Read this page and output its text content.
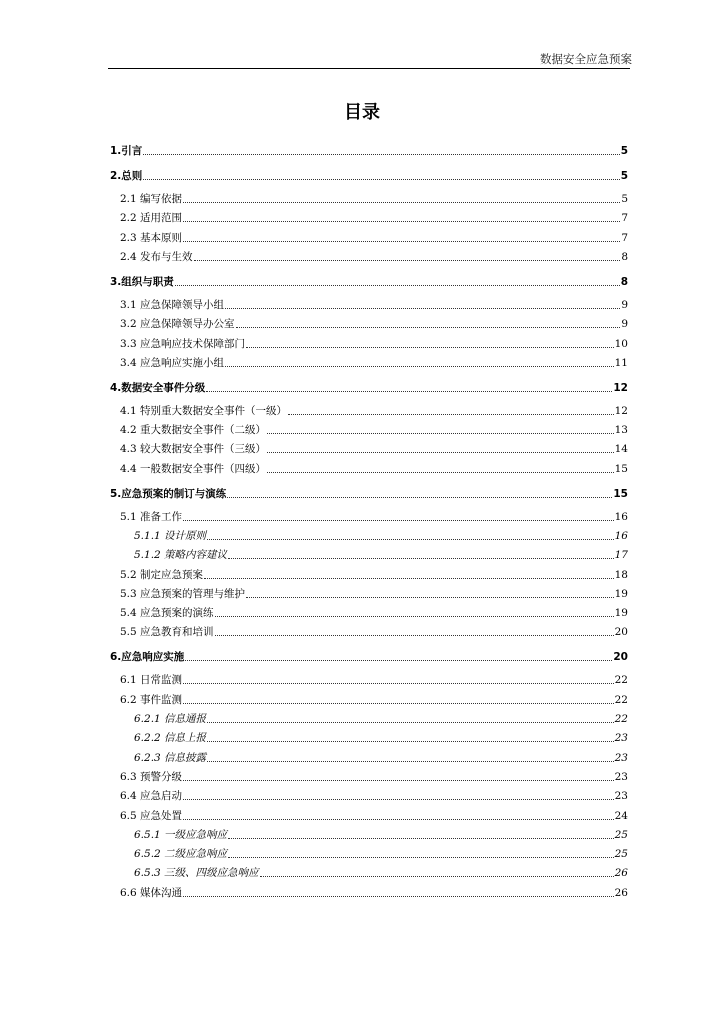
数据安全应急预案
目录
1.引言	5
2.总则	5
2.1 编写依据	5
2.2 适用范围	7
2.3 基本原则	7
2.4 发布与生效	8
3.组织与职责	8
3.1 应急保障领导小组	9
3.2 应急保障领导办公室	9
3.3 应急响应技术保障部门	10
3.4 应急响应实施小组	11
4.数据安全事件分级	12
4.1 特别重大数据安全事件（一级）	12
4.2 重大数据安全事件（二级）	13
4.3 较大数据安全事件（三级）	14
4.4 一般数据安全事件（四级）	15
5.应急预案的制订与演练	15
5.1 准备工作	16
5.1.1 设计原则	16
5.1.2 策略内容建议	17
5.2 制定应急预案	18
5.3 应急预案的管理与维护	19
5.4 应急预案的演练	19
5.5 应急教育和培训	20
6.应急响应实施	20
6.1 日常监测	22
6.2 事件监测	22
6.2.1 信息通报	22
6.2.2 信息上报	23
6.2.3 信息披露	23
6.3 预警分级	23
6.4 应急启动	23
6.5 应急处置	24
6.5.1 一级应急响应	25
6.5.2 二级应急响应	25
6.5.3 三级、四级应急响应	26
6.6 媒体沟通	26
